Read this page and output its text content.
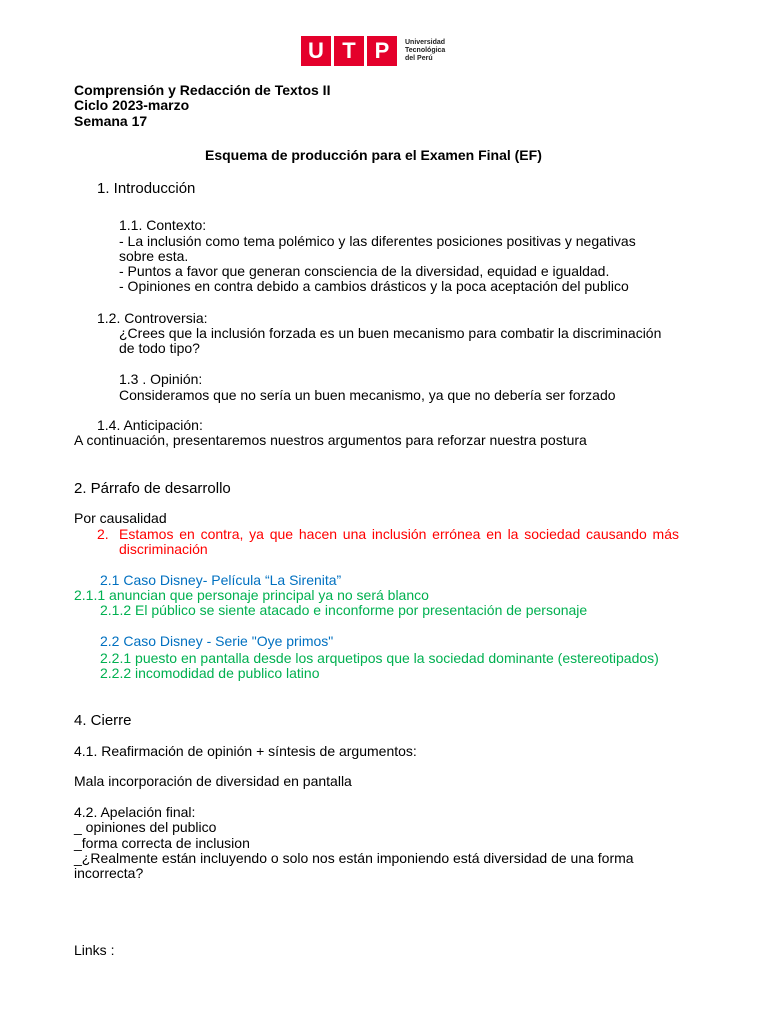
U T P	Universidad
Tecnológica
del Perú
Comprensión y Redacción de Textos II
Ciclo 2023-marzo
Semana 17
Esquema de producción para el Examen Final (EF)
1. Introducción
1.1. Contexto:
- La inclusión como tema polémico y las diferentes posiciones positivas y negativas sobre esta.
- Puntos a favor que generan consciencia de la diversidad, equidad e igualdad.
- Opiniones en contra debido a cambios drásticos y la poca aceptación del publico
1.2. Controversia:
¿Crees que la inclusión forzada es un buen mecanismo para combatir la discriminación de todo tipo?
1.3 . Opinión:
Consideramos que no sería un buen mecanismo, ya que no debería ser forzado
1.4. Anticipación:
A continuación, presentaremos nuestros argumentos para reforzar nuestra postura
2. Párrafo de desarrollo
Por causalidad
2. Estamos en contra, ya que hacen una inclusión errónea en la sociedad causando más discriminación
2.1 Caso Disney- Película “La Sirenita”
2.1.1 anuncian que personaje principal ya no será blanco
2.1.2 El público se siente atacado e inconforme por presentación de personaje
2.2 Caso Disney - Serie "Oye primos"
2.2.1 puesto en pantalla desde los arquetipos que la sociedad dominante (estereotipados)
2.2.2 incomodidad de publico latino
4. Cierre
4.1. Reafirmación de opinión + síntesis de argumentos:
Mala incorporación de diversidad en pantalla
4.2. Apelación final:
_ opiniones del publico
_forma correcta de inclusion
_¿Realmente están incluyendo o solo nos están imponiendo está diversidad de una forma incorrecta?
Links :
